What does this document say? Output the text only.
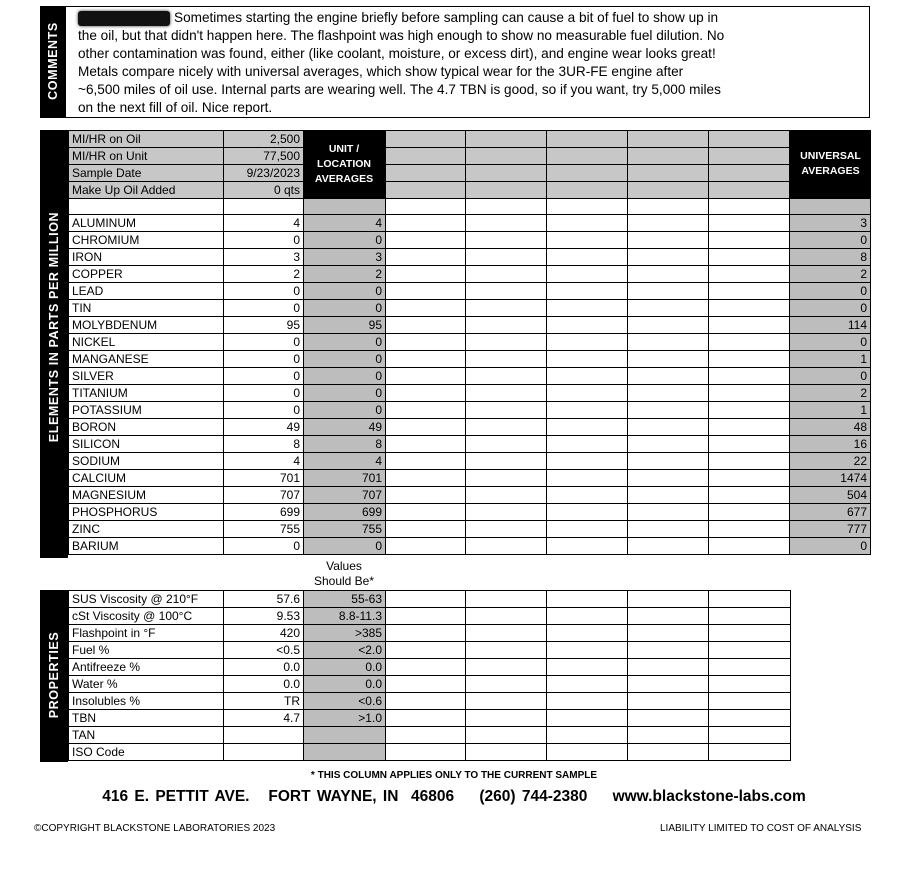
COMMENTS
Sometimes starting the engine briefly before sampling can cause a bit of fuel to show up in
the oil, but that didn't happen here. The flashpoint was high enough to show no measurable fuel dilution. No
other contamination was found, either (like coolant, moisture, or excess dirt), and engine wear looks great!
Metals compare nicely with universal averages, which show typical wear for the 3UR-FE engine after
~6,500 miles of oil use. Internal parts are wearing well. The 4.7 TBN is good, so if you want, try 5,000 miles
on the next fill of oil. Nice report.
ELEMENTS IN PARTS PER MILLION
MI/HR on Oil	2,500							
MI/HR on Unit	77,500							
Sample Date	9/23/2023							
Make Up Oil Added	0 qts							

ALUMINUM	4	4						3
CHROMIUM	0	0						0
IRON	3	3						8
COPPER	2	2						2
LEAD	0	0						0
TIN	0	0						0
MOLYBDENUM	95	95						114
NICKEL	0	0						0
MANGANESE	0	0						1
SILVER	0	0						0
TITANIUM	0	0						2
POTASSIUM	0	0						1
BORON	49	49						48
SILICON	8	8						16
SODIUM	4	4						22
CALCIUM	701	701						1474
MAGNESIUM	707	707						504
PHOSPHORUS	699	699						677
ZINC	755	755						777
BARIUM	0	0						0
UNIT /
LOCATION
AVERAGES
UNIVERSAL
AVERAGES
Values
Should Be*
PROPERTIES
SUS Viscosity @ 210°F	57.6	55-63					
cSt Viscosity @ 100°C	9.53	8.8-11.3					
Flashpoint in °F	420	>385					
Fuel %	<0.5	<2.0					
Antifreeze %	0.0	0.0					
Water %	0.0	0.0					
Insolubles %	TR	<0.6					
TBN	4.7	>1.0					
TAN							
ISO Code							
* THIS COLUMN APPLIES ONLY TO THE CURRENT SAMPLE
416 E. PETTIT AVE.   FORT WAYNE, IN  46806    (260) 744-2380    www.blackstone-labs.com
©COPYRIGHT BLACKSTONE LABORATORIES 2023	LIABILITY LIMITED TO COST OF ANALYSIS
